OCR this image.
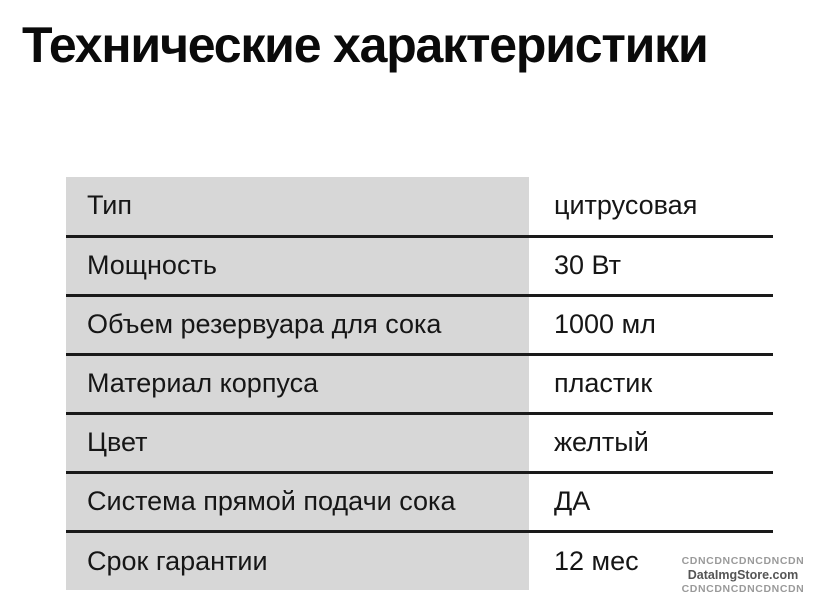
Технические характеристики
Тип	цитрусовая
Мощность	30 Вт
Объем резервуара для сока	1000 мл
Материал корпуса	пластик
Цвет	желтый
Система прямой подачи сока	ДА
Срок гарантии	12 мес	CDNCDNCDNCDNCDN
DataImgStore.com
CDNCDNCDNCDNCDN
